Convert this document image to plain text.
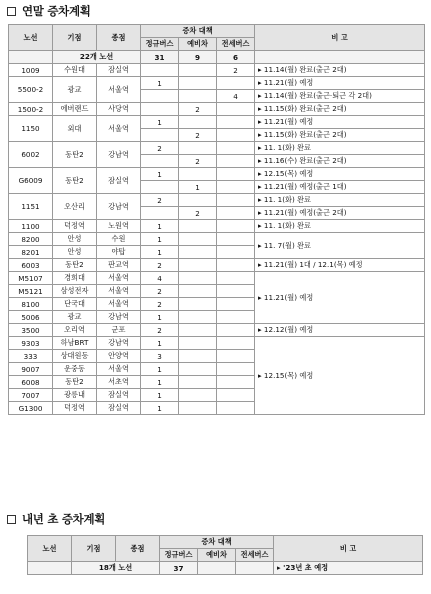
연말 증차계획
노선	기점	종점	증차 대책			비 고
			정규버스	예비차	전세버스	
	22개 노선		31	9	6	
1009	수원대	잠실역			2	▸ 11.14(월) 완료(출근 2대)
5500-2	광교	서울역	1			▸ 11.21(월) 예정
					4	▸ 11.14(월) 완료(출근·퇴근 각 2대)
1500-2	에버랜드	사당역		2		▸ 11.15(화) 완료(출근 2대)
1150	외대	서울역	1			▸ 11.21(월) 예정
				2		▸ 11.15(화) 완료(출근 2대)
6002	동탄2	강남역	2			▸ 11. 1(화) 완료
				2		▸ 11.16(수) 완료(출근 2대)
G6009	동탄2	잠실역	1			▸ 12.15(목) 예정
				1		▸ 11.21(월) 예정(출근 1대)
1151	오산리	강남역	2			▸ 11. 1(화) 완료
				2		▸ 11.21(월) 예정(출근 2대)
1100	덕정역	노원역	1			▸ 11. 1(화) 완료
8200	안성	수원	1			▸ 11. 7(월) 완료
8201	안성	야탑	1			
6003	동탄2	판교역	2			▸ 11.21(월) 1대 / 12.1(목) 예정
M5107	경희대	서울역	4			▸ 11.21(월) 예정
M5121	삼성전자	서울역	2			
8100	단국대	서울역	2			
5006	광교	강남역	1			
3500	오리역	군포	2			▸ 12.12(월) 예정
9303	하남BRT	강남역	1			▸ 12.15(목) 예정
333	상대원동	안양역	3			
9007	운중동	서울역	1			
6008	동탄2	서초역	1			
7007	광릉내	잠실역	1			
G1300	덕정역	잠실역	1			
내년 초 증차계획
노선	기점	종점	증차 대책			비 고
			정규버스	예비차	전세버스	
	18개 노선		37			▸ '23년 초 예정
